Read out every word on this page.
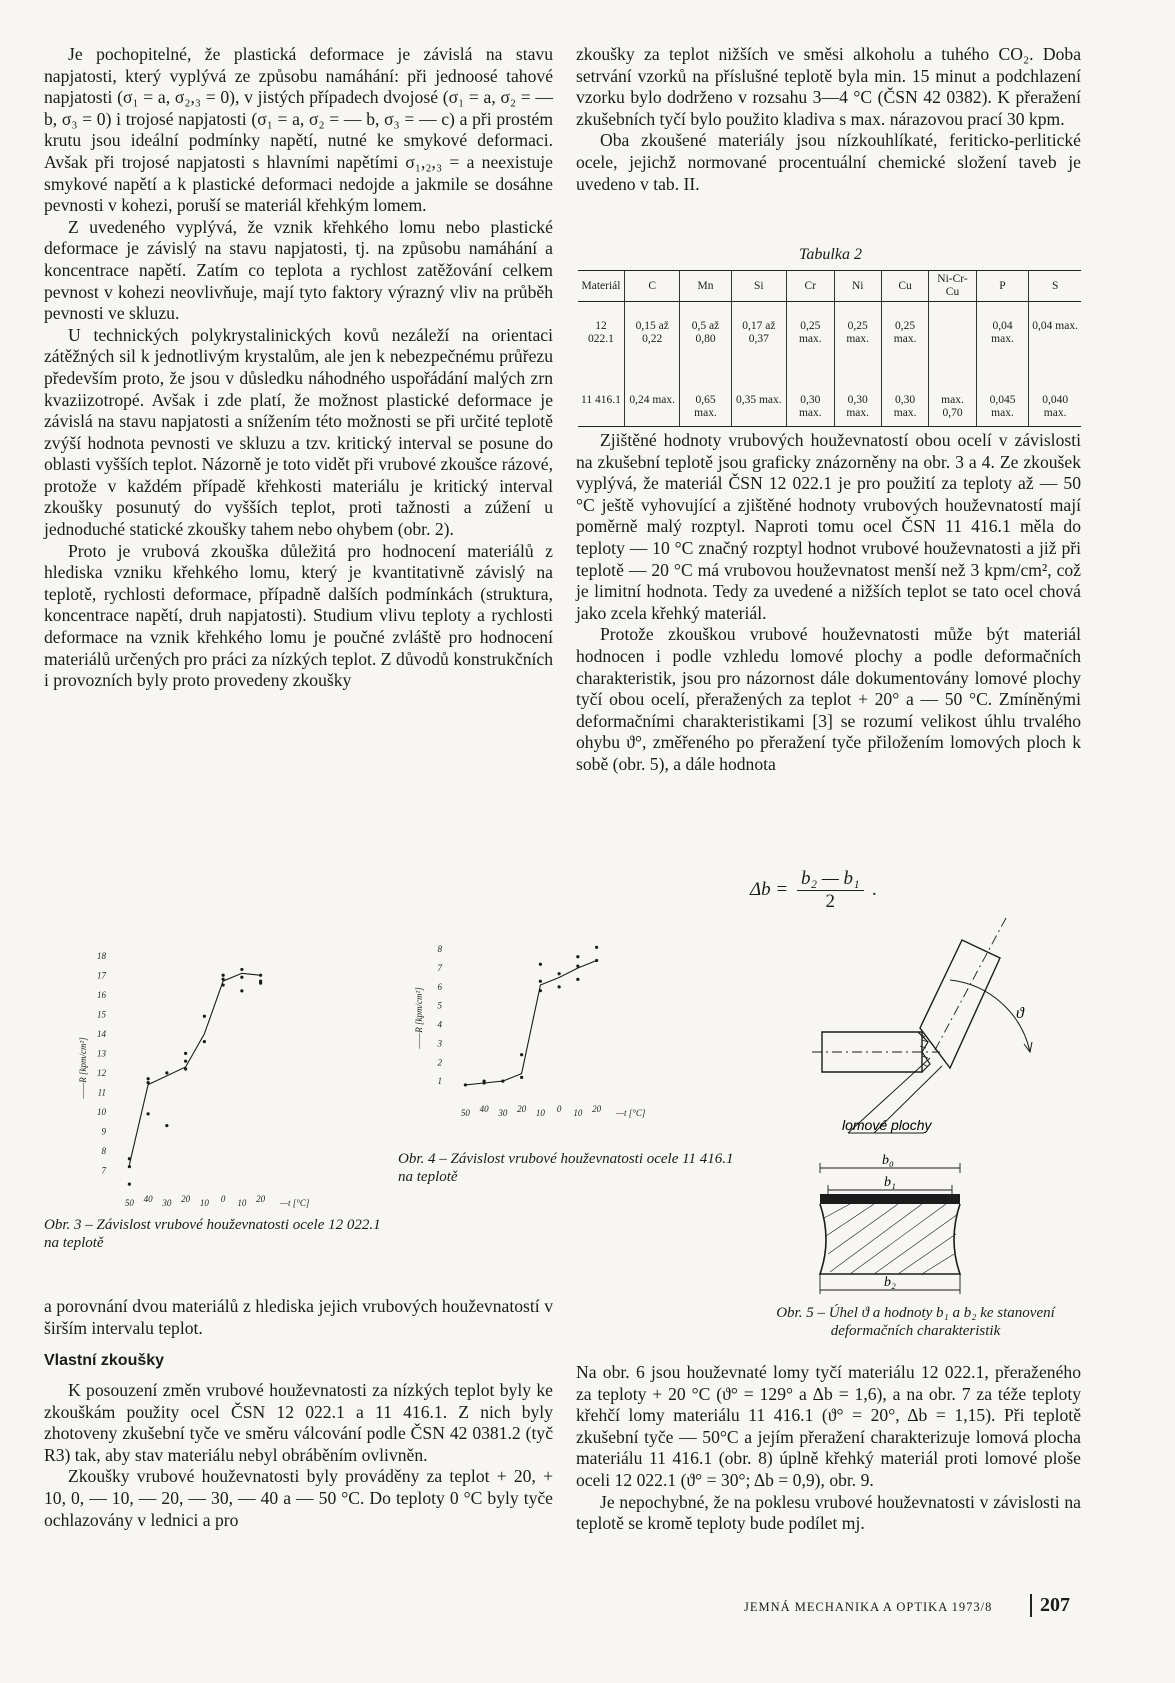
Je pochopitelné, že plastická deformace je závislá na stavu napjatosti, který vyplývá ze způsobu namáhání: při jednoosé tahové napjatosti (σ₁ = a, σ₂,₃ = 0), v jistých případech dvojosé (σ₁ = a, σ₂ = — b, σ₃ = 0) i trojosé napjatosti (σ₁ = a, σ₂ = — b, σ₃ = — c) a při prostém krutu jsou ideální podmínky napětí, nutné ke smykové deformaci. Avšak při trojosé napjatosti s hlavními napětími σ₁,₂,₃ = a neexistuje smykové napětí a k plastické deformaci nedojde a jakmile se dosáhne pevnosti v kohezi, poruší se materiál křehkým lomem.

Z uvedeného vyplývá, že vznik křehkého lomu nebo plastické deformace je závislý na stavu napjatosti, tj. na způsobu namáhání a koncentrace napětí. Zatím co teplota a rychlost zatěžování celkem pevnost v kohezi neovlivňuje, mají tyto faktory výrazný vliv na průběh pevnosti ve skluzu.

U technických polykrystalinických kovů nezáleží na orientaci zátěžných sil k jednotlivým krystalům, ale jen k nebezpečnému průřezu především proto, že jsou v důsledku náhodného uspořádání malých zrn kvaziizotropé. Avšak i zde platí, že možnost plastické deformace je závislá na stavu napjatosti a snížením této možnosti se při určité teplotě zvýší hodnota pevnosti ve skluzu a tzv. kritický interval se posune do oblasti vyšších teplot. Názorně je toto vidět při vrubové zkoušce rázové, protože v každém případě křehkosti materiálu je kritický interval zkoušky posunutý do vyšších teplot, proti tažnosti a zúžení u jednoduché statické zkoušky tahem nebo ohybem (obr. 2).

Proto je vrubová zkouška důležitá pro hodnocení materiálů z hlediska vzniku křehkého lomu, který je kvantitativně závislý na teplotě, rychlosti deformace, případně dalších podmínkách (struktura, koncentrace napětí, druh napjatosti). Studium vlivu teploty a rychlosti deformace na vznik křehkého lomu je poučné zvláště pro hodnocení materiálů určených pro práci za nízkých teplot. Z důvodů konstrukčních i provozních byly proto provedeny zkoušky

zkoušky za teplot nižších ve směsi alkoholu a tuhého CO₂. Doba setrvání vzorků na příslušné teplotě byla min. 15 minut a podchlazení vzorku bylo dodrženo v rozsahu 3—4 °C (ČSN 42 0382). K přeražení zkušebních tyčí bylo použito kladiva s max. nárazovou prací 30 kpm.

Oba zkoušené materiály jsou nízkouhlíkaté, feriticko-perlitické ocele, jejichž normované procentuální chemické složení taveb je uvedeno v tab. II.

Tabulka 2
Materiál	C	Mn	Si	Cr	Ni	Cu	Ni-Cr-Cu	P	S
12 022.1	0,15 až 0,22	0,5 až 0,80	0,17 až 0,37	0,25 max.	0,25 max.	0,25 max.		0,04 max.	0,04 max.
11 416.1	0,24 max.	0,65 max.	0,35 max.	0,30 max.	0,30 max.	0,30 max.	max. 0,70	0,045 max.	0,040 max.

Zjištěné hodnoty vrubových houževnatostí obou ocelí v závislosti na zkušební teplotě jsou graficky znázorněny na obr. 3 a 4. Ze zkoušek vyplývá, že materiál ČSN 12 022.1 je pro použití za teploty až — 50 °C ještě vyhovující a zjištěné hodnoty vrubových houževnatostí mají poměrně malý rozptyl. Naproti tomu ocel ČSN 11 416.1 měla do teploty — 10 °C značný rozptyl hodnot vrubové houževnatosti a již při teplotě — 20 °C má vrubovou houževnatost menší než 3 kpm/cm², což je limitní hodnota. Tedy za uvedené a nižších teplot se tato ocel chová jako zcela křehký materiál.

Protože zkouškou vrubové houževnatosti může být materiál hodnocen i podle vzhledu lomové plochy a podle deformačních charakteristik, jsou pro názornost dále dokumentovány lomové plochy tyčí obou ocelí, přeražených za teplot + 20° a — 50 °C. Zmíněnými deformačními charakteristikami [3] se rozumí velikost úhlu trvalého ohybu ϑ°, změřeného po přeražení tyče přiložením lomových ploch k sobě (obr. 5), a dále hodnota

$\Delta b = \frac{\text{b₂ — b₁}}{2}$ .
7
8
9
10
11
12
13
14
15
16
17
18
50 40 30 20 10 0 10 20 —t [°C]
——R [kpm/cm²]
Obr. 3 – Závislost vrubové houževnatosti ocele 12 022.1 na teplotě
1
2
3
4
5
6
7
8
50 40 30 20 10 0 10 20 —t [°C]
——R [kpm/cm²]
Obr. 4 – Závislost vrubové houževnatosti ocele 11 416.1 na teplotě
lomové plochy
ϑ
b₀
b₁
b₂
Obr. 5 – Úhel ϑ a hodnoty b₁ a b₂ ke stanovení deformačních charakteristik

a porovnání dvou materiálů z hlediska jejich vrubových houževnatostí v širším intervalu teplot.

Vlastní zkoušky

K posouzení změn vrubové houževnatosti za nízkých teplot byly ke zkouškám použity ocel ČSN 12 022.1 a 11 416.1. Z nich byly zhotoveny zkušební tyče ve směru válcování podle ČSN 42 0381.2 (tyč R3) tak, aby stav materiálu nebyl obráběním ovlivněn.

Zkoušky vrubové houževnatosti byly prováděny za teplot + 20, + 10, 0, — 10, — 20, — 30, — 40 a — 50 °C. Do teploty 0 °C byly tyče ochlazovány v lednici a pro

Na obr. 6 jsou houževnaté lomy tyčí materiálu 12 022.1, přeraženého za teploty + 20 °C (ϑ° = 129° a Δb = 1,6), a na obr. 7 za téže teploty křehčí lomy materiálu 11 416.1 (ϑ° = 20°, Δb = 1,15). Při teplotě zkušební tyče — 50°C a jejím přeražení charakterizuje lomová plocha materiálu 11 416.1 (obr. 8) úplně křehký materiál proti lomové ploše oceli 12 022.1 (ϑ° = 30°; Δb = 0,9), obr. 9.

Je nepochybné, že na poklesu vrubové houževnatosti v závislosti na teplotě se kromě teploty bude podílet mj.

JEMNÁ MECHANIKA A OPTIKA 1973/8	207
